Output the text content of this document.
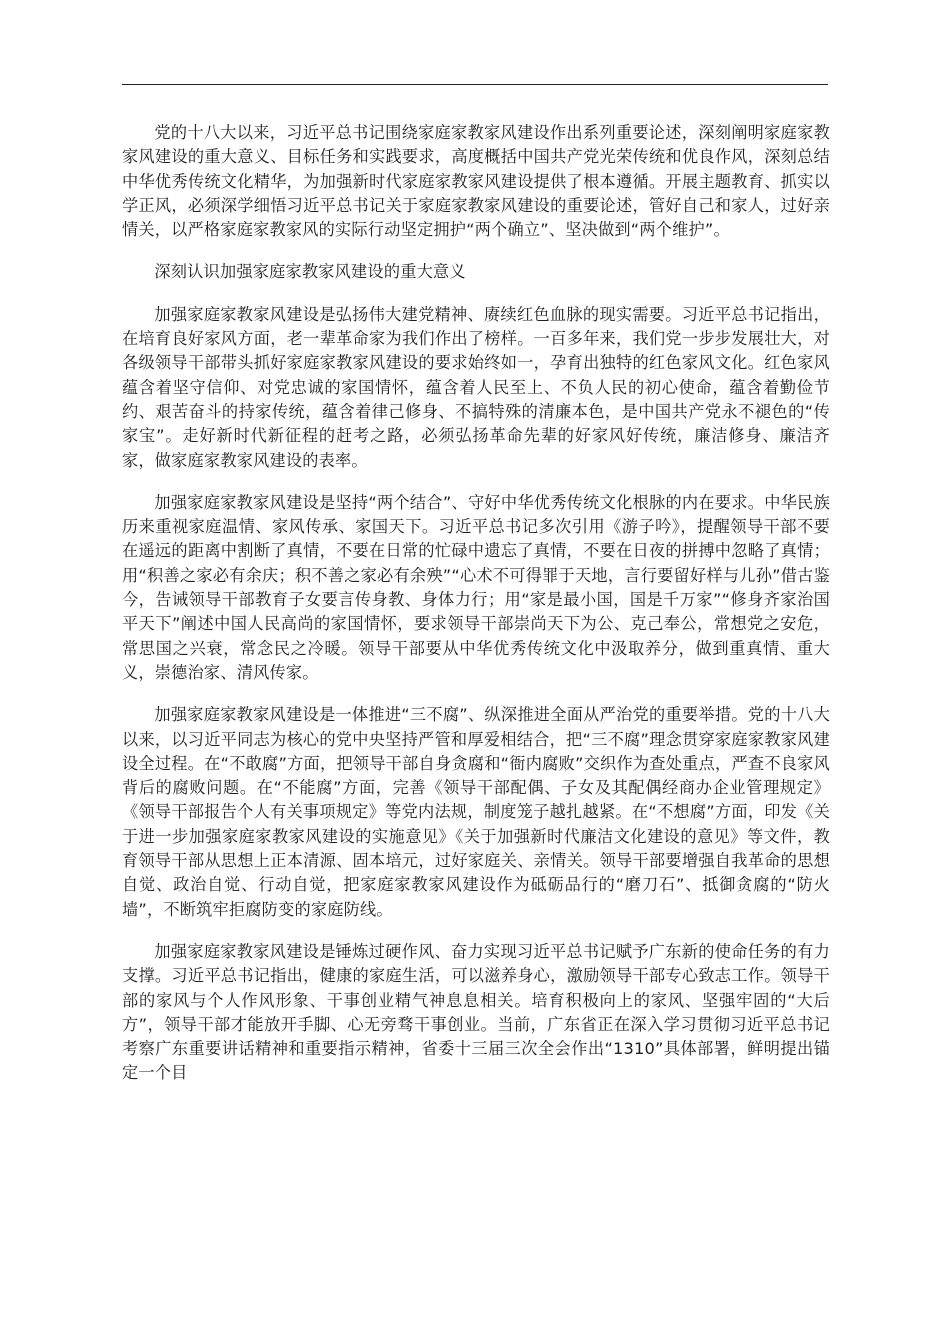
党的十八大以来，习近平总书记围绕家庭家教家风建设作出系列重要论述，深刻阐明家庭家教家风建设的重大意义、目标任务和实践要求，高度概括中国共产党光荣传统和优良作风，深刻总结中华优秀传统文化精华，为加强新时代家庭家教家风建设提供了根本遵循。开展主题教育、抓实以学正风，必须深学细悟习近平总书记关于家庭家教家风建设的重要论述，管好自己和家人，过好亲情关，以严格家庭家教家风的实际行动坚定拥护“两个确立”、坚决做到“两个维护”。

深刻认识加强家庭家教家风建设的重大意义

加强家庭家教家风建设是弘扬伟大建党精神、赓续红色血脉的现实需要。习近平总书记指出，在培育良好家风方面，老一辈革命家为我们作出了榜样。一百多年来，我们党一步步发展壮大，对各级领导干部带头抓好家庭家教家风建设的要求始终如一，孕育出独特的红色家风文化。红色家风蕴含着坚守信仰、对党忠诚的家国情怀，蕴含着人民至上、不负人民的初心使命，蕴含着勤俭节约、艰苦奋斗的持家传统，蕴含着律己修身、不搞特殊的清廉本色，是中国共产党永不褪色的“传家宝”。走好新时代新征程的赶考之路，必须弘扬革命先辈的好家风好传统，廉洁修身、廉洁齐家，做家庭家教家风建设的表率。

加强家庭家教家风建设是坚持“两个结合”、守好中华优秀传统文化根脉的内在要求。中华民族历来重视家庭温情、家风传承、家国天下。习近平总书记多次引用《游子吟》，提醒领导干部不要在遥远的距离中割断了真情，不要在日常的忙碌中遗忘了真情，不要在日夜的拼搏中忽略了真情；用“积善之家必有余庆；积不善之家必有余殃”“心术不可得罪于天地，言行要留好样与儿孙”借古鉴今，告诫领导干部教育子女要言传身教、身体力行；用“家是最小国，国是千万家”“修身齐家治国平天下”阐述中国人民高尚的家国情怀，要求领导干部崇尚天下为公、克己奉公，常想党之安危，常思国之兴衰，常念民之冷暖。领导干部要从中华优秀传统文化中汲取养分，做到重真情、重大义，崇德治家、清风传家。

加强家庭家教家风建设是一体推进“三不腐”、纵深推进全面从严治党的重要举措。党的十八大以来，以习近平同志为核心的党中央坚持严管和厚爱相结合，把“三不腐”理念贯穿家庭家教家风建设全过程。在“不敢腐”方面，把领导干部自身贪腐和“衙内腐败”交织作为查处重点，严查不良家风背后的腐败问题。在“不能腐”方面，完善《领导干部配偶、子女及其配偶经商办企业管理规定》《领导干部报告个人有关事项规定》等党内法规，制度笼子越扎越紧。在“不想腐”方面，印发《关于进一步加强家庭家教家风建设的实施意见》《关于加强新时代廉洁文化建设的意见》等文件，教育领导干部从思想上正本清源、固本培元，过好家庭关、亲情关。领导干部要增强自我革命的思想自觉、政治自觉、行动自觉，把家庭家教家风建设作为砥砺品行的“磨刀石”、抵御贪腐的“防火墙”，不断筑牢拒腐防变的家庭防线。

加强家庭家教家风建设是锤炼过硬作风、奋力实现习近平总书记赋予广东新的使命任务的有力支撑。习近平总书记指出，健康的家庭生活，可以滋养身心，激励领导干部专心致志工作。领导干部的家风与个人作风形象、干事创业精气神息息相关。培育积极向上的家风、坚强牢固的“大后方”，领导干部才能放开手脚、心无旁骛干事创业。当前，广东省正在深入学习贯彻习近平总书记考察广东重要讲话精神和重要指示精神，省委十三届三次全会作出“1310”具体部署，鲜明提出锚定一个目
